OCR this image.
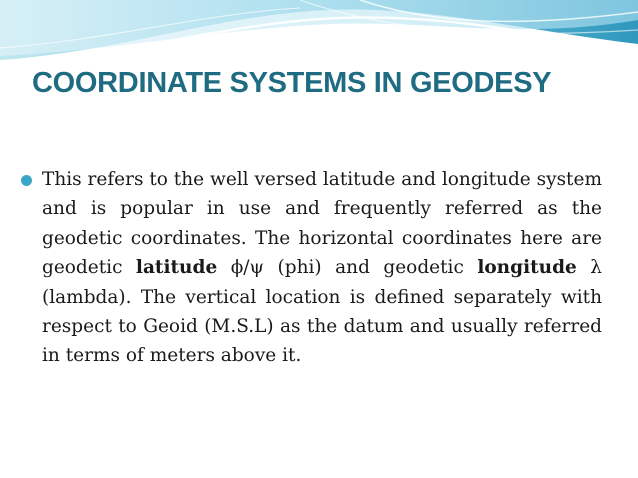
COORDINATE SYSTEMS IN GEODESY

This refers to the well versed latitude and longitude system and is popular in use and frequently referred as the geodetic coordinates. The horizontal coordinates here are geodetic latitude ϕ/ψ (phi) and geodetic longitude λ (lambda). The vertical location is defined separately with respect to Geoid (M.S.L) as the datum and usually referred in terms of meters above it.
